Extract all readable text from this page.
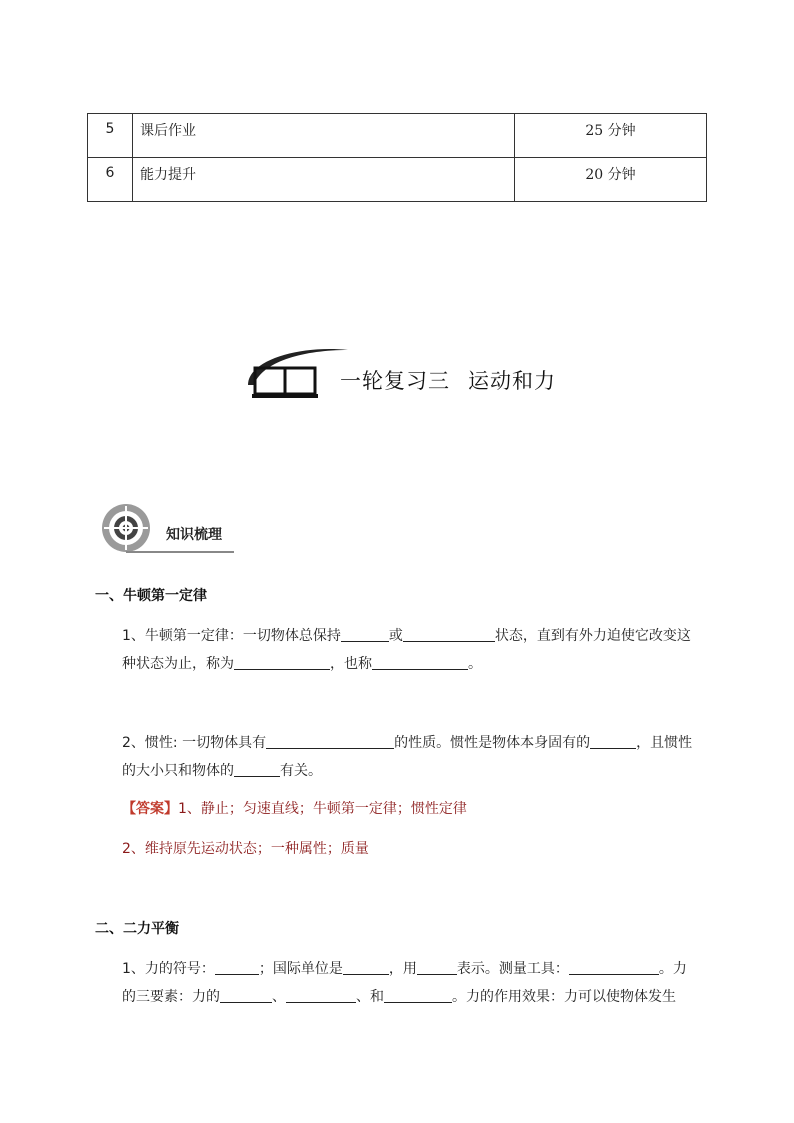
5	课后作业	25 分钟
6	能力提升	20 分钟
一轮复习三 运动和力
知识梳理
一、牛顿第一定律
1、牛顿第一定律：一切物体总保持	或	状态，直到有外力迫使它改变这
种状态为止，称为	，也称	。
2、惯性: 一切物体具有	的性质。惯性是物体本身固有的	，且惯性
的大小只和物体的	有关。
【答案】1、静止；匀速直线；牛顿第一定律；惯性定律
2、维持原先运动状态；一种属性；质量
二、二力平衡
1、力的符号：	；国际单位是	，用	表示。测量工具：	。力
的三要素：力的	、	、和	。力的作用效果：力可以使物体发生
